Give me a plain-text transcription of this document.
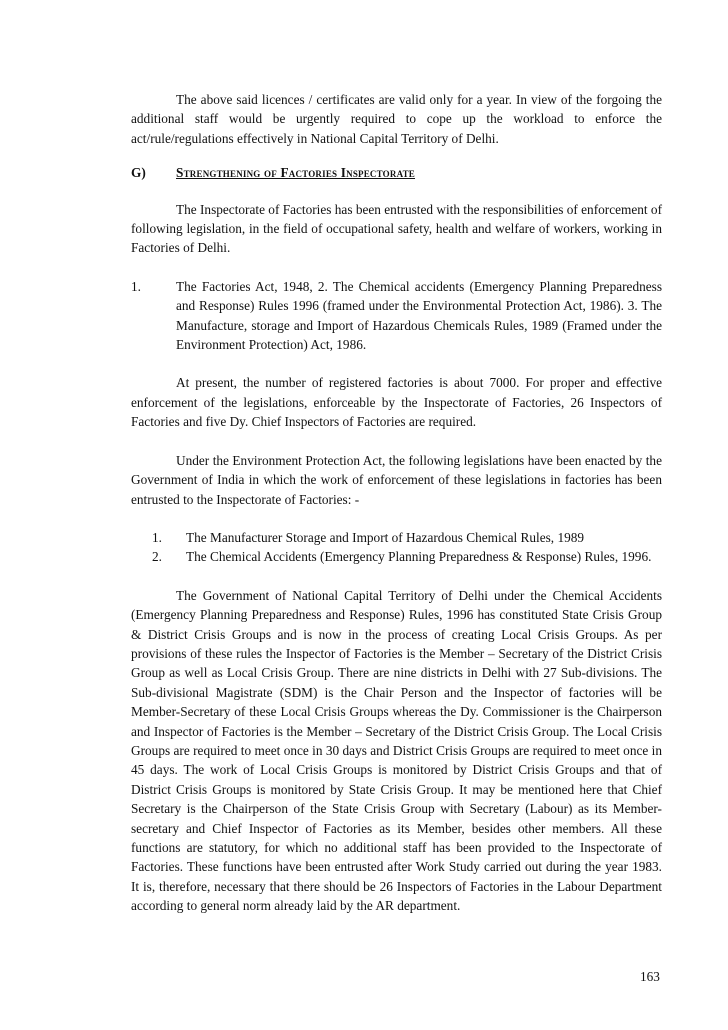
The above said licences / certificates are valid only for a year. In view of the forgoing the additional staff would be urgently required to cope up the workload to enforce the act/rule/regulations effectively in National Capital Territory of Delhi.

G)	Strengthening of Factories Inspectorate

The Inspectorate of Factories has been entrusted with the responsibilities of enforcement of following legislation, in the field of occupational safety, health and welfare of workers, working in Factories of Delhi.

1.	The Factories Act, 1948, 2. The Chemical accidents (Emergency Planning Preparedness and Response) Rules 1996 (framed under the Environmental Protection Act, 1986). 3. The Manufacture, storage and Import of Hazardous Chemicals Rules, 1989 (Framed under the Environment Protection) Act, 1986.

At present, the number of registered factories is about 7000. For proper and effective enforcement of the legislations, enforceable by the Inspectorate of Factories, 26 Inspectors of Factories and five Dy. Chief Inspectors of Factories are required.

Under the Environment Protection Act, the following legislations have been enacted by the Government of India in which the work of enforcement of these legislations in factories has been entrusted to the Inspectorate of Factories: -

1.	The Manufacturer Storage and Import of Hazardous Chemical Rules, 1989
2.	The Chemical Accidents (Emergency Planning Preparedness & Response) Rules, 1996.

The Government of National Capital Territory of Delhi under the Chemical Accidents (Emergency Planning Preparedness and Response) Rules, 1996 has constituted State Crisis Group & District Crisis Groups and is now in the process of creating Local Crisis Groups. As per provisions of these rules the Inspector of Factories is the Member – Secretary of the District Crisis Group as well as Local Crisis Group. There are nine districts in Delhi with 27 Sub-divisions. The Sub-divisional Magistrate (SDM) is the Chair Person and the Inspector of factories will be Member-Secretary of these Local Crisis Groups whereas the Dy. Commissioner is the Chairperson and Inspector of Factories is the Member – Secretary of the District Crisis Group. The Local Crisis Groups are required to meet once in 30 days and District Crisis Groups are required to meet once in 45 days. The work of Local Crisis Groups is monitored by District Crisis Groups and that of District Crisis Groups is monitored by State Crisis Group. It may be mentioned here that Chief Secretary is the Chairperson of the State Crisis Group with Secretary (Labour) as its Member-secretary and Chief Inspector of Factories as its Member, besides other members. All these functions are statutory, for which no additional staff has been provided to the Inspectorate of Factories. These functions have been entrusted after Work Study carried out during the year 1983. It is, therefore, necessary that there should be 26 Inspectors of Factories in the Labour Department according to general norm already laid by the AR department.

163
